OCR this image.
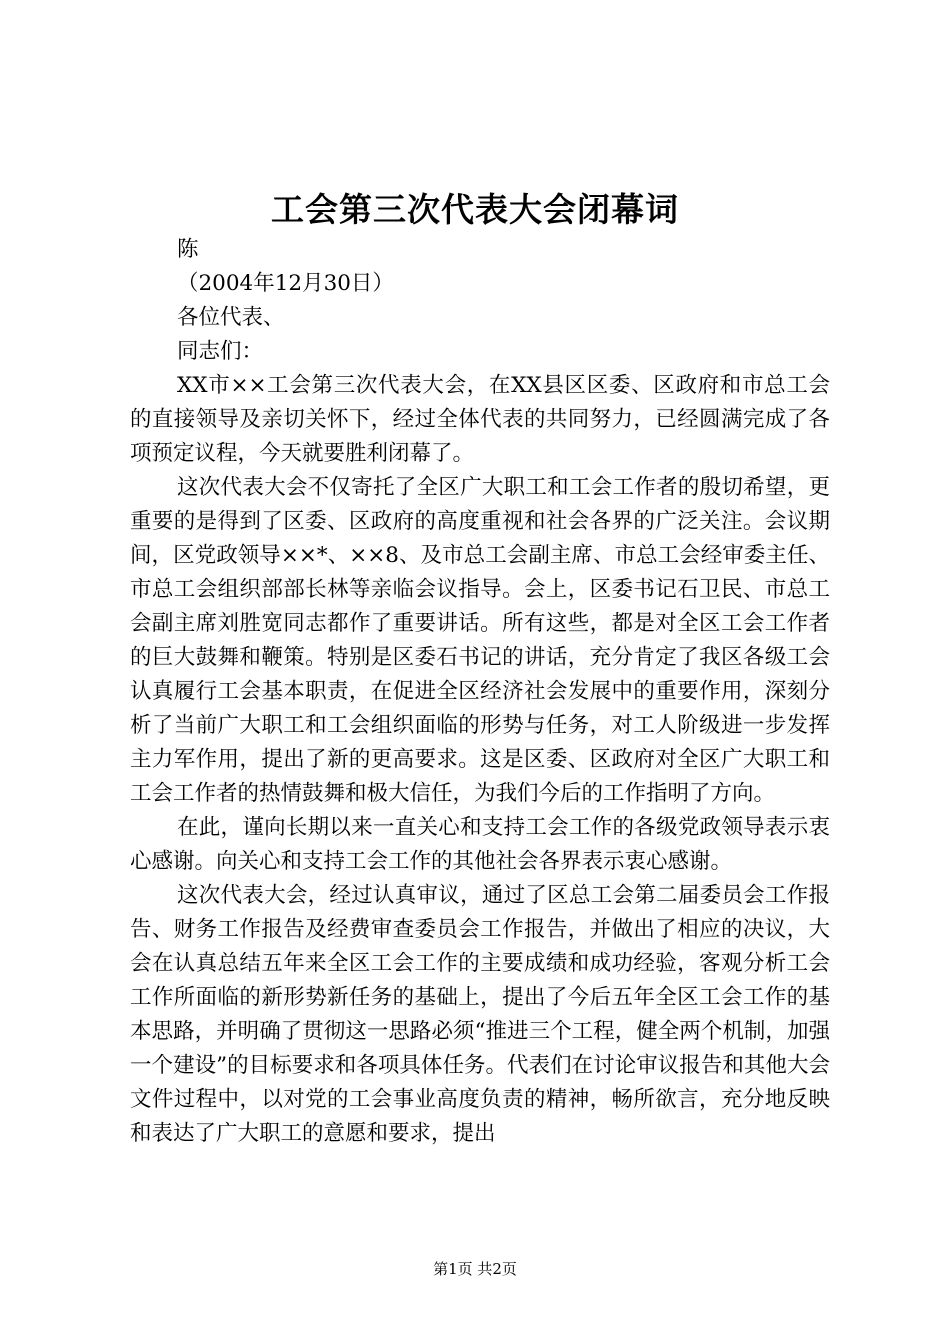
工会第三次代表大会闭幕词

陈

（2004年12月30日）

各位代表、

同志们：

XX市××工会第三次代表大会，在XX县区区委、区政府和市总工会的直接领导及亲切关怀下，经过全体代表的共同努力，已经圆满完成了各项预定议程，今天就要胜利闭幕了。

这次代表大会不仅寄托了全区广大职工和工会工作者的殷切希望，更重要的是得到了区委、区政府的高度重视和社会各界的广泛关注。会议期间，区党政领导××*、××8、及市总工会副主席、市总工会经审委主任、市总工会组织部部长林等亲临会议指导。会上，区委书记石卫民、市总工会副主席刘胜宽同志都作了重要讲话。所有这些，都是对全区工会工作者的巨大鼓舞和鞭策。特别是区委石书记的讲话，充分肯定了我区各级工会认真履行工会基本职责，在促进全区经济社会发展中的重要作用，深刻分析了当前广大职工和工会组织面临的形势与任务，对工人阶级进一步发挥主力军作用，提出了新的更高要求。这是区委、区政府对全区广大职工和工会工作者的热情鼓舞和极大信任，为我们今后的工作指明了方向。

在此，谨向长期以来一直关心和支持工会工作的各级党政领导表示衷心感谢。向关心和支持工会工作的其他社会各界表示衷心感谢。

这次代表大会，经过认真审议，通过了区总工会第二届委员会工作报告、财务工作报告及经费审查委员会工作报告，并做出了相应的决议，大会在认真总结五年来全区工会工作的主要成绩和成功经验，客观分析工会工作所面临的新形势新任务的基础上，提出了今后五年全区工会工作的基本思路，并明确了贯彻这一思路必须“推进三个工程，健全两个机制，加强一个建设”的目标要求和各项具体任务。代表们在讨论审议报告和其他大会文件过程中，以对党的工会事业高度负责的精神，畅所欲言，充分地反映和表达了广大职工的意愿和要求，提出

第1页 共2页
